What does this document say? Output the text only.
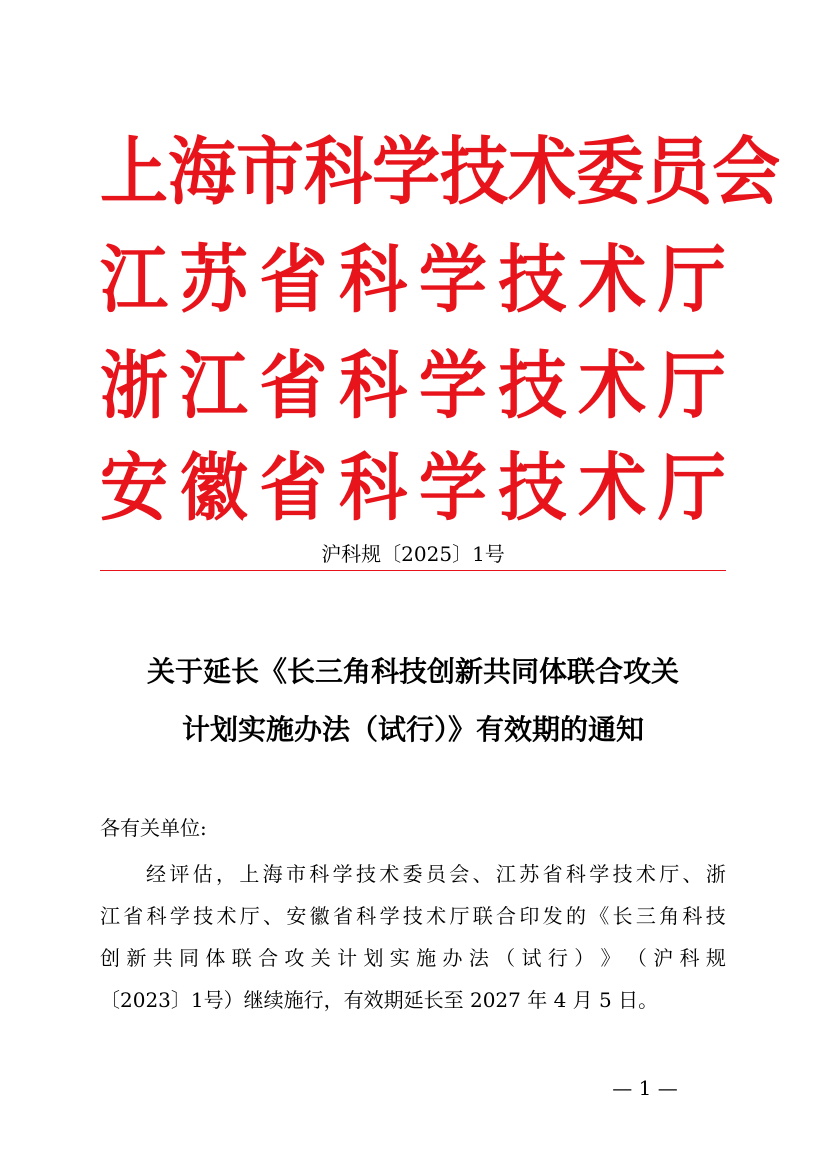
上 海 市 科 学 技 术 委 员 会
江 苏 省 科 学 技 术 厅
浙 江 省 科 学 技 术 厅
安 徽 省 科 学 技 术 厅
沪科规〔2025〕1号
关于延长《长三角科技创新共同体联合攻关
计划实施办法（试行）》有效期的通知
各有关单位:
经 评 估 ， 上 海 市 科 学 技 术 委 员 会 、 江 苏 省 科 学 技 术 厅 、 浙
江 省 科 学 技 术 厅 、 安 徽 省 科 学 技 术 厅 联 合 印 发 的 《 长 三 角 科 技
创 新 共 同 体 联 合 攻 关 计 划 实 施 办 法 （ 试 行 ） 》 （ 沪 科 规
〔2023〕1号）继续施行，有效期延长至 2027 年 4 月 5 日。
— 1 —
